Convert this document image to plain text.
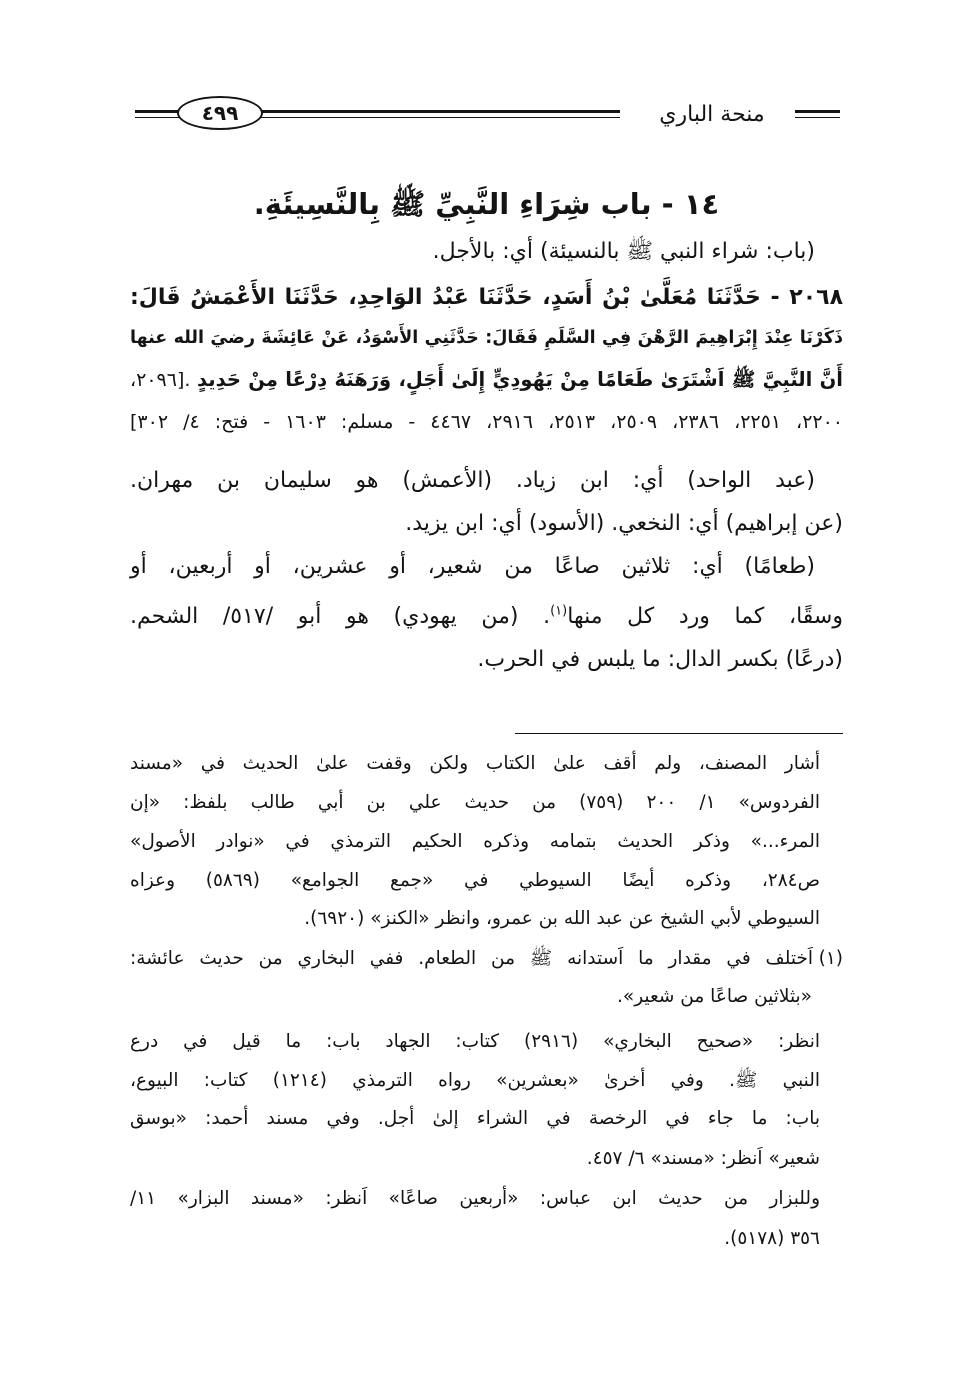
٤٩٩	منحة الباري
١٤ - باب شِرَاءِ النَّبِيِّ ﷺ بِالنَّسِيئَةِ.
(باب: شراء النبي ﷺ بالنسيئة) أي: بالأجل.
٢٠٦٨ - حَدَّثَنَا مُعَلَّىٰ بْنُ أَسَدٍ، حَدَّثَنَا عَبْدُ الوَاحِدِ، حَدَّثَنَا الأَعْمَشُ قَالَ:
ذَكَرْنَا عِنْدَ إِبْرَاهِيمَ الرَّهْنَ فِي السَّلَمِ فَقَالَ: حَدَّثَنِي الأَسْوَدُ، عَنْ عَائِشَةَ رضيَ الله عنها
أَنَّ النَّبِيَّ ﷺ اَشْتَرَىٰ طَعَامًا مِنْ يَهُودِيٍّ إِلَىٰ أَجَلٍ، وَرَهَنَهُ دِرْعًا مِنْ حَدِيدٍ .[٢٠٩٦،
٢٢٠٠، ٢٢٥١، ٢٣٨٦، ٢٥٠٩، ٢٥١٣، ٢٩١٦، ٤٤٦٧ - مسلم: ١٦٠٣ - فتح: ٤/ ٣٠٢]
(عبد الواحد) أي: ابن زياد. (الأعمش) هو سليمان بن مهران.
(عن إبراهيم) أي: النخعي. (الأسود) أي: ابن يزيد.
(طعامًا) أي: ثلاثين صاعًا من شعير، أو عشرين، أو أربعين، أو
وسقًا، كما ورد كل منها$^{(١)}$. (من يهودي) هو أبو /٥١٧/ الشحم.
(درعًا) بكسر الدال: ما يلبس في الحرب.
أشار المصنف، ولم أقف علىٰ الكتاب ولكن وقفت علىٰ الحديث في «مسند
الفردوس» ١/ ٢٠٠ (٧٥٩) من حديث علي بن أبي طالب بلفظ: «إن
المرء...» وذكر الحديث بتمامه وذكره الحكيم الترمذي في «نوادر الأصول»
ص٢٨٤، وذكره أيضًا السيوطي في «جمع الجوامع» (٥٨٦٩) وعزاه
السيوطي لأبي الشيخ عن عبد الله بن عمرو، وانظر «الكنز» (٦٩٢٠).
(١)
اَختلف في مقدار ما اَستدانه ﷺ من الطعام. ففي البخاري من حديث عائشة:
«بثلاثين صاعًا من شعير».
انظر: «صحيح البخاري» (٢٩١٦) كتاب: الجهاد باب: ما قيل في درع
النبي ﷺ. وفي أخرىٰ «بعشرين» رواه الترمذي (١٢١٤) كتاب: البيوع،
باب: ما جاء في الرخصة في الشراء إلىٰ أجل. وفي مسند أحمد: «بوسق
شعير» اَنظر: «مسند» ٦/ ٤٥٧.
وللبزار من حديث ابن عباس: «أربعين صاعًا» اَنظر: «مسند البزار» ١١/
٣٥٦ (٥١٧٨).
